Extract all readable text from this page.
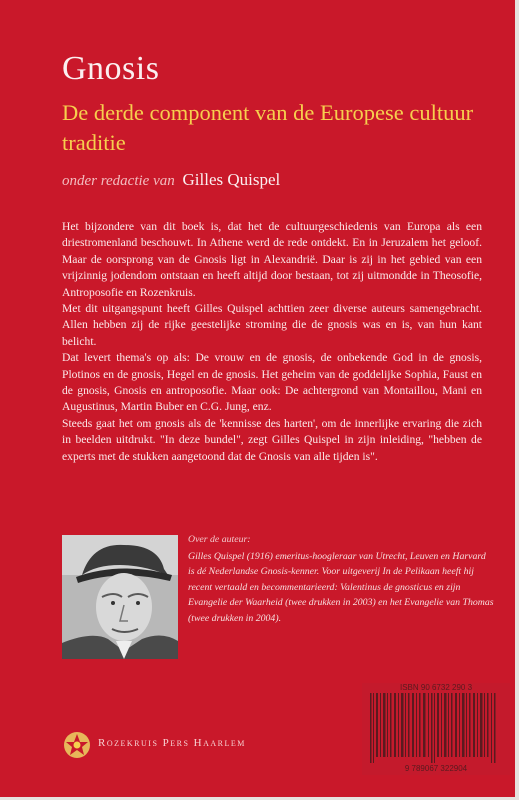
Gnosis
De derde component van de Europese cultuur traditie
onder redactie van Gilles Quispel

Het bijzondere van dit boek is, dat het de cultuurgeschiedenis van Europa als een driestromenland beschouwt. In Athene werd de rede ontdekt. En in Jeruzalem het geloof. Maar de oorsprong van de Gnosis ligt in Alexandrië. Daar is zij in het gebied van een vrijzinnig jodendom ontstaan en heeft altijd door bestaan, tot zij uitmondde in Theosofie, Antroposofie en Rozenkruis.

Met dit uitgangspunt heeft Gilles Quispel achttien zeer diverse auteurs samengebracht. Allen hebben zij de rijke geestelijke stroming die de gnosis was en is, van hun kant belicht.

Dat levert thema's op als: De vrouw en de gnosis, de onbekende God in de gnosis, Plotinos en de gnosis, Hegel en de gnosis. Het geheim van de goddelijke Sophia, Faust en de gnosis, Gnosis en antroposofie. Maar ook: De achtergrond van Montaillou, Mani en Augustinus, Martin Buber en C.G. Jung, enz.

Steeds gaat het om gnosis als de 'kennisse des harten', om de innerlijke ervaring die zich in beelden uitdrukt. "In deze bundel", zegt Gilles Quispel in zijn inleiding, "hebben de experts met de stukken aangetoond dat de Gnosis van alle tijden is".

Over de auteur:
Gilles Quispel (1916) emeritus-hoogleraar van Utrecht, Leuven en Harvard is dé Nederlandse Gnosis-kenner. Voor uitgeverij In de Pelikaan heeft hij recent vertaald en becommentarieerd: Valentinus de gnosticus en zijn Evangelie der Waarheid (twee drukken in 2003) en het Evangelie van Thomas (twee drukken in 2004).
9 789067 322904
ISBN 90 6732 290 3
Rozekruis Pers Haarlem
